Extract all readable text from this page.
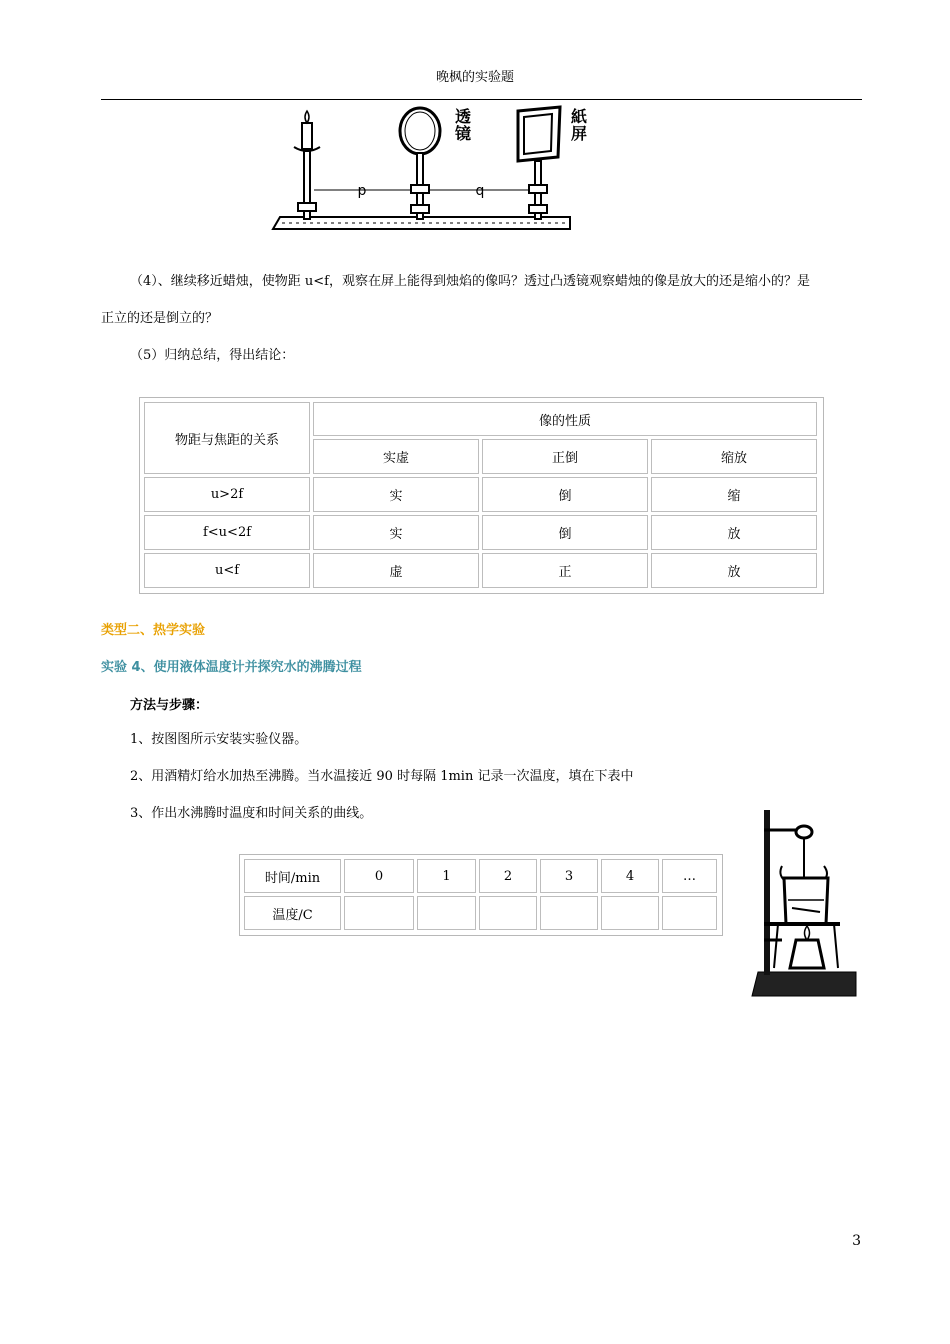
晚枫的实验题
p	q
透镜
紙屏
（4）、继续移近蜡烛，使物距 u<f，观察在屏上能得到烛焰的像吗？透过凸透镜观察蜡烛的像是放大的还是缩小的？是
正立的还是倒立的？
（5）归纳总结，得出结论：
物距与焦距的关系
像的性质
实虚	正倒	缩放
u>2f	实	倒	缩
f<u<2f	实	倒	放
u<f	虚	正	放
类型二、热学实验
实验 4、使用液体温度计并探究水的沸腾过程
方法与步骤：
1、按图图所示安装实验仪器。
2、用酒精灯给水加热至沸腾。当水温接近 90 时每隔 1min 记录一次温度，填在下表中
3、作出水沸腾时温度和时间关系的曲线。
时间/min	0	1	2	3	4	…
温度/C
3
